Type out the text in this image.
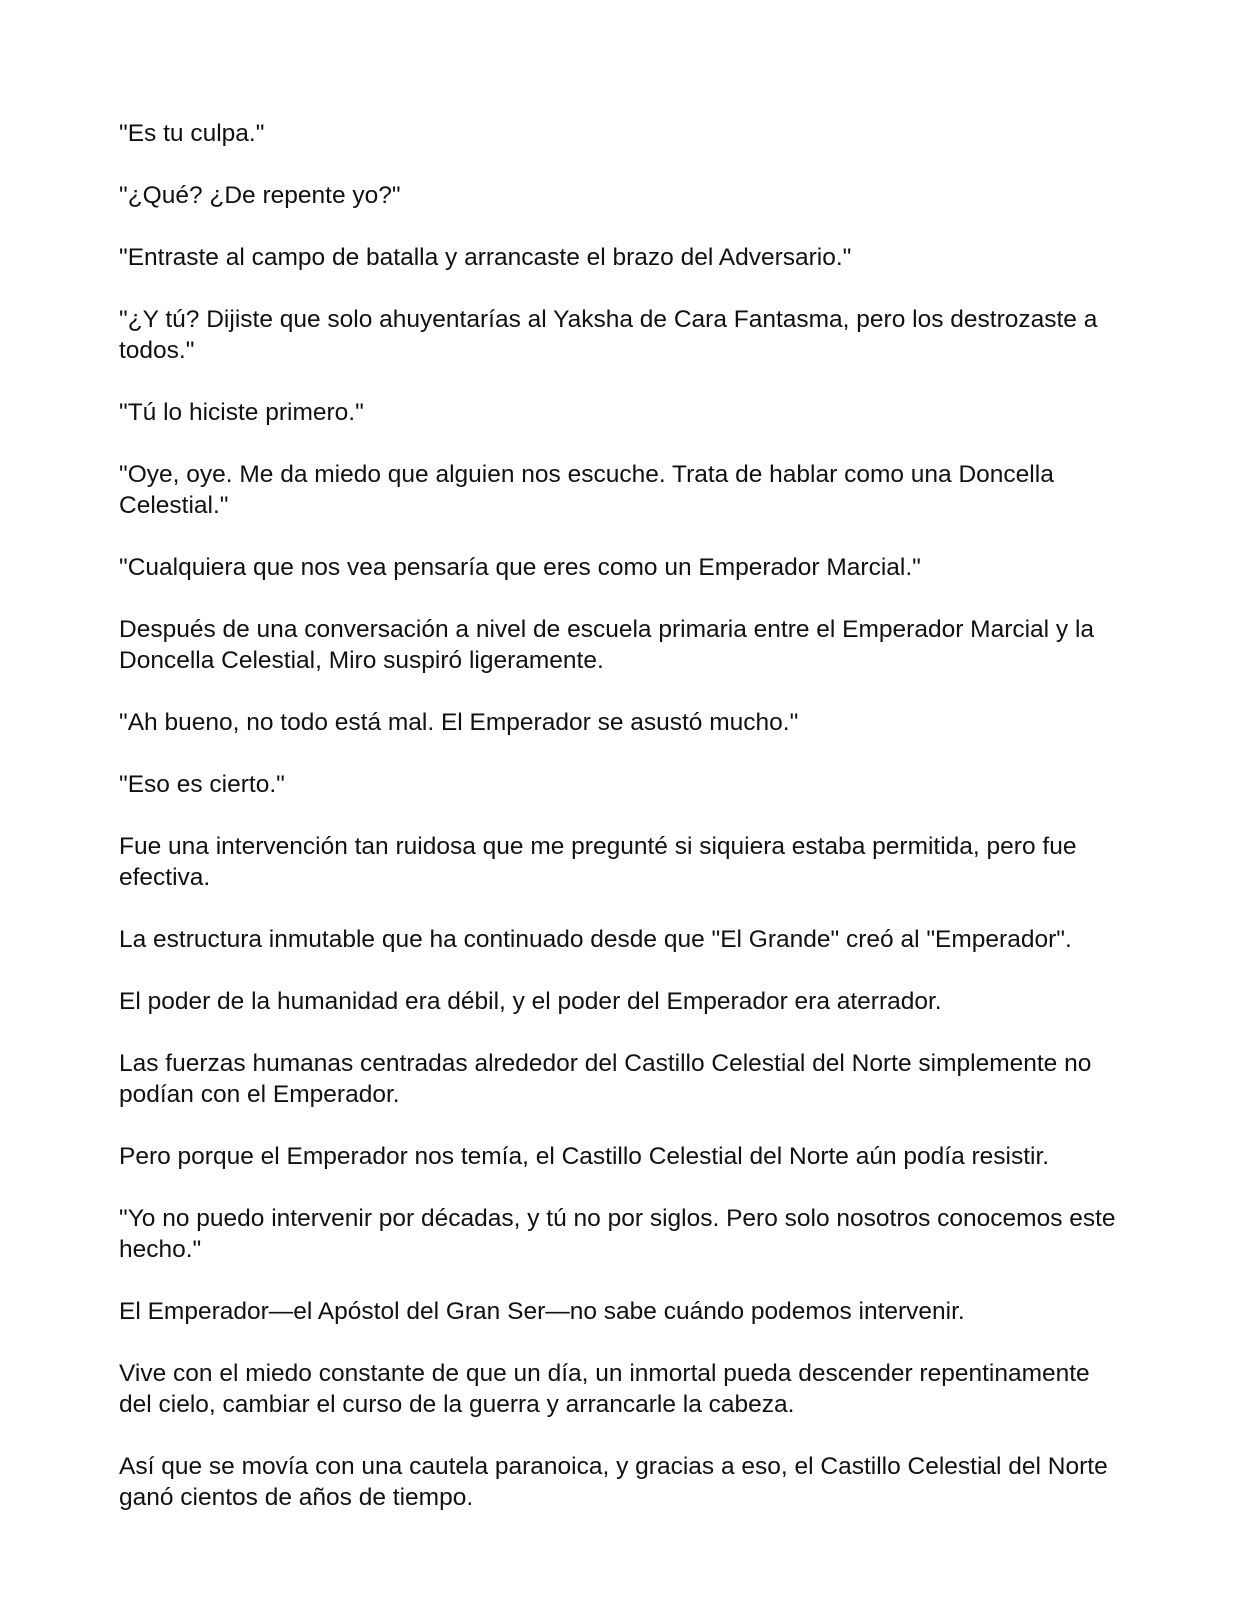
"Es tu culpa."

"¿Qué? ¿De repente yo?"

"Entraste al campo de batalla y arrancaste el brazo del Adversario."

"¿Y tú? Dijiste que solo ahuyentarías al Yaksha de Cara Fantasma, pero los destrozaste a todos."

"Tú lo hiciste primero."

"Oye, oye. Me da miedo que alguien nos escuche. Trata de hablar como una Doncella Celestial."

"Cualquiera que nos vea pensaría que eres como un Emperador Marcial."

Después de una conversación a nivel de escuela primaria entre el Emperador Marcial y la Doncella Celestial, Miro suspiró ligeramente.

"Ah bueno, no todo está mal. El Emperador se asustó mucho."

"Eso es cierto."

Fue una intervención tan ruidosa que me pregunté si siquiera estaba permitida, pero fue efectiva.

La estructura inmutable que ha continuado desde que "El Grande" creó al "Emperador".

El poder de la humanidad era débil, y el poder del Emperador era aterrador.

Las fuerzas humanas centradas alrededor del Castillo Celestial del Norte simplemente no podían con el Emperador.

Pero porque el Emperador nos temía, el Castillo Celestial del Norte aún podía resistir.

"Yo no puedo intervenir por décadas, y tú no por siglos. Pero solo nosotros conocemos este hecho."

El Emperador—el Apóstol del Gran Ser—no sabe cuándo podemos intervenir.

Vive con el miedo constante de que un día, un inmortal pueda descender repentinamente del cielo, cambiar el curso de la guerra y arrancarle la cabeza.

Así que se movía con una cautela paranoica, y gracias a eso, el Castillo Celestial del Norte ganó cientos de años de tiempo.
